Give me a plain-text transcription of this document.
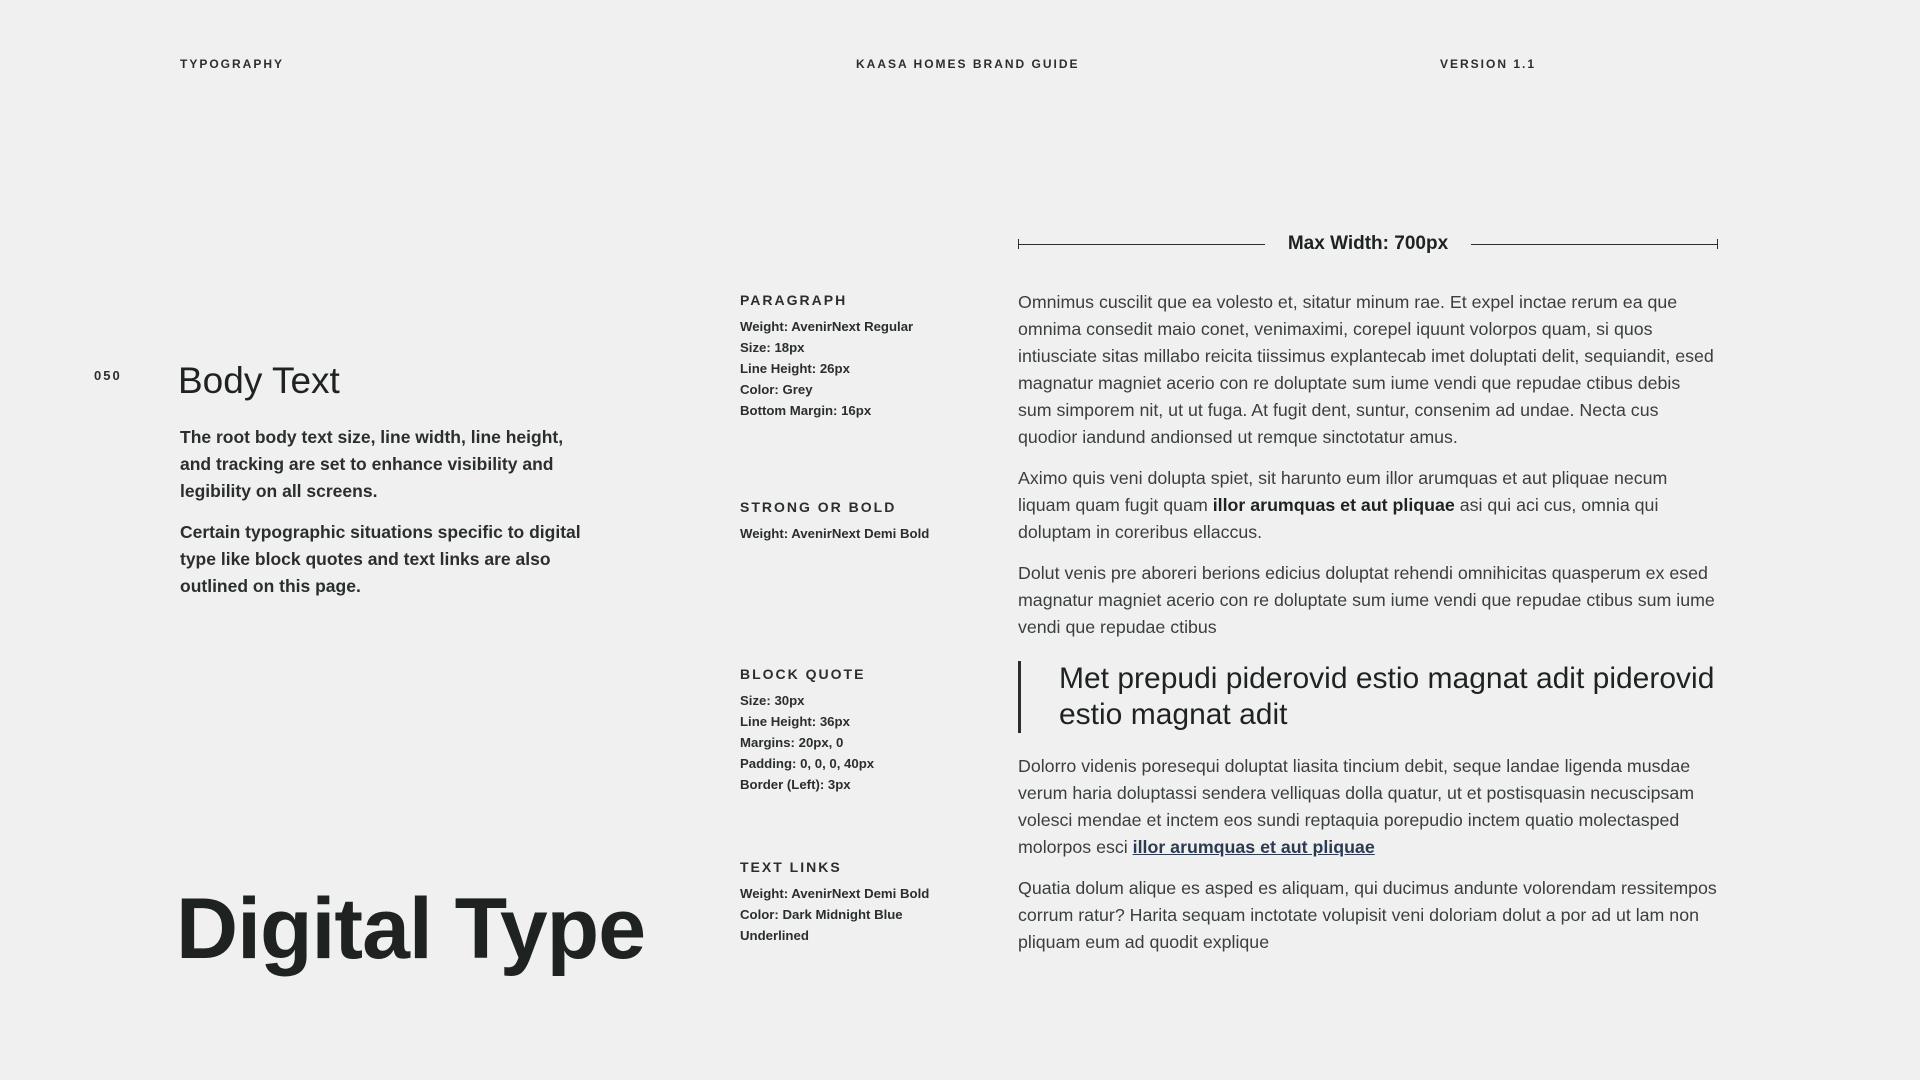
TYPOGRAPHY	KAASA HOMES BRAND GUIDE	VERSION 1.1
050 Body Text

The root body text size, line width, line height, and tracking are set to enhance visibility and legibility on all screens.

Certain typographic situations specific to digital type like block quotes and text links are also outlined on this page.

Digital Type
PARAGRAPH
Weight: AvenirNext Regular
Size: 18px
Line Height: 26px
Color: Grey
Bottom Margin: 16px
STRONG OR BOLD
Weight: AvenirNext Demi Bold
BLOCK QUOTE
Size: 30px
Line Height: 36px
Margins: 20px, 0
Padding: 0, 0, 0, 40px
Border (Left): 3px
TEXT LINKS
Weight: AvenirNext Demi Bold
Color: Dark Midnight Blue
Underlined
Max Width: 700px

Omnimus cuscilit que ea volesto et, sitatur minum rae. Et expel inctae rerum ea que omnima consedit maio conet, venimaximi, corepel iquunt volorpos quam, si quos intiusciate sitas millabo reicita tiissimus explantecab imet doluptati delit, sequiandit, esed magnatur magniet acerio con re doluptate sum iume vendi que repudae ctibus debis sum simporem nit, ut ut fuga. At fugit dent, suntur, consenim ad undae. Necta cus quodior iandund andionsed ut remque sinctotatur amus.

Aximo quis veni dolupta spiet, sit harunto eum illor arumquas et aut pliquae necum liquam quam fugit quam illor arumquas et aut pliquae asi qui aci cus, omnia qui doluptam in coreribus ellaccus.

Dolut venis pre aboreri berions edicius doluptat rehendi omnihicitas quasperum ex esed magnatur magniet acerio con re doluptate sum iume vendi que repudae ctibus sum iume vendi que repudae ctibus

Met prepudi piderovid estio magnat adit piderovid estio magnat adit

Dolorro videnis poresequi doluptat liasita tincium debit, seque landae ligenda musdae verum haria doluptassi sendera velliquas dolla quatur, ut et postisquasin necuscipsam volesci mendae et inctem eos sundi reptaquia porepudio inctem quatio molectasped molorpos esci illor arumquas et aut pliquae

Quatia dolum alique es asped es aliquam, qui ducimus andunte volorendam ressitempos corrum ratur? Harita sequam inctotate volupisit veni doloriam dolut a por ad ut lam non pliquam eum ad quodit explique
